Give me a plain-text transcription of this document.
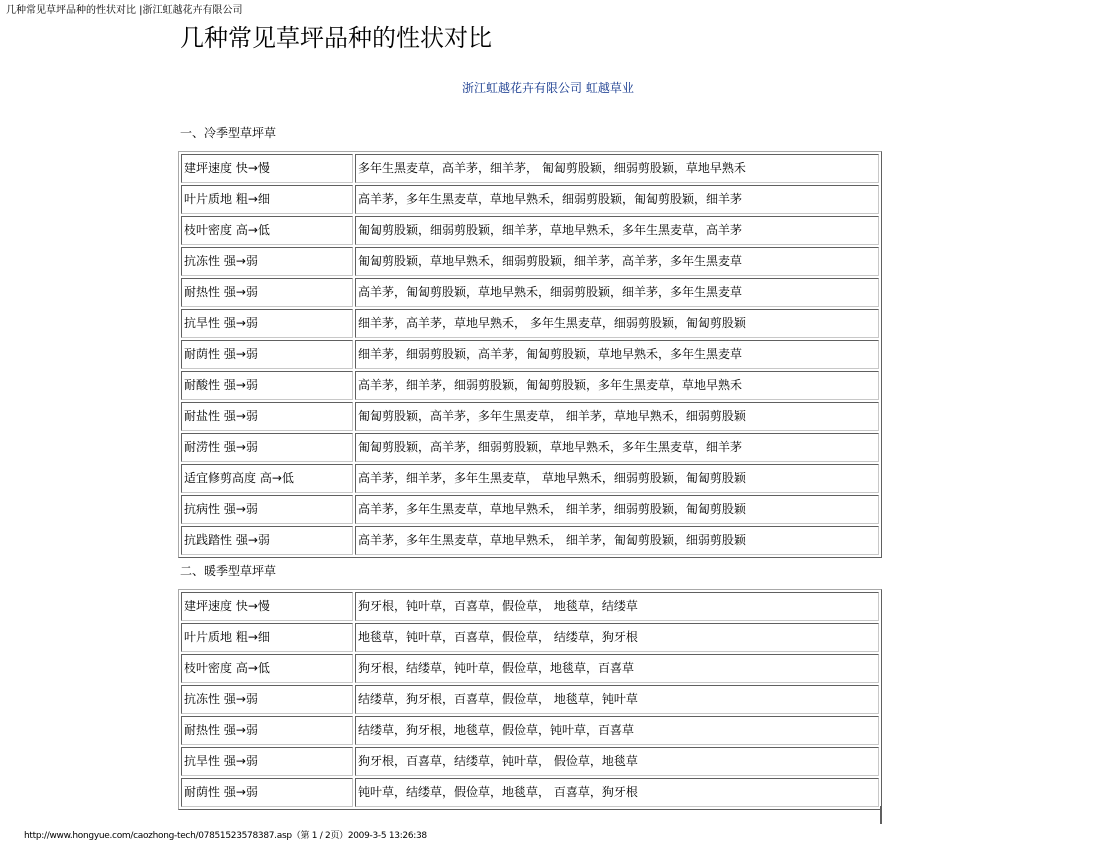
几种常见草坪品种的性状对比 |浙江虹越花卉有限公司
几种常见草坪品种的性状对比
浙江虹越花卉有限公司 虹越草业
一、冷季型草坪草
建坪速度 快→慢	多年生黑麦草，高羊茅，细羊茅， 匍匐剪股颖，细弱剪股颖，草地早熟禾
叶片质地 粗→细	高羊茅，多年生黑麦草，草地早熟禾，细弱剪股颖，匍匐剪股颖，细羊茅
枝叶密度 高→低	匍匐剪股颖，细弱剪股颖，细羊茅，草地早熟禾，多年生黑麦草，高羊茅
抗冻性 强→弱	匍匐剪股颖，草地早熟禾，细弱剪股颖，细羊茅，高羊茅，多年生黑麦草
耐热性 强→弱	高羊茅，匍匐剪股颖，草地早熟禾，细弱剪股颖，细羊茅，多年生黑麦草
抗旱性 强→弱	细羊茅，高羊茅，草地早熟禾， 多年生黑麦草，细弱剪股颖，匍匐剪股颖
耐荫性 强→弱	细羊茅，细弱剪股颖，高羊茅，匍匐剪股颖，草地早熟禾，多年生黑麦草
耐酸性 强→弱	高羊茅，细羊茅，细弱剪股颖，匍匐剪股颖，多年生黑麦草，草地早熟禾
耐盐性 强→弱	匍匐剪股颖，高羊茅，多年生黑麦草， 细羊茅，草地早熟禾，细弱剪股颖
耐涝性 强→弱	匍匐剪股颖，高羊茅，细弱剪股颖，草地早熟禾，多年生黑麦草，细羊茅
适宜修剪高度 高→低	高羊茅，细羊茅，多年生黑麦草， 草地早熟禾，细弱剪股颖，匍匐剪股颖
抗病性 强→弱	高羊茅，多年生黑麦草，草地早熟禾， 细羊茅，细弱剪股颖，匍匐剪股颖
抗践踏性 强→弱	高羊茅，多年生黑麦草，草地早熟禾， 细羊茅，匍匐剪股颖，细弱剪股颖
二、暖季型草坪草
建坪速度 快→慢	狗牙根，钝叶草，百喜草，假俭草， 地毯草，结缕草
叶片质地 粗→细	地毯草，钝叶草，百喜草，假俭草， 结缕草，狗牙根
枝叶密度 高→低	狗牙根，结缕草，钝叶草，假俭草，地毯草，百喜草
抗冻性 强→弱	结缕草，狗牙根，百喜草，假俭草， 地毯草，钝叶草
耐热性 强→弱	结缕草，狗牙根，地毯草，假俭草，钝叶草，百喜草
抗旱性 强→弱	狗牙根，百喜草，结缕草，钝叶草， 假俭草，地毯草
耐荫性 强→弱	钝叶草，结缕草，假俭草，地毯草， 百喜草，狗牙根
http://www.hongyue.com/caozhong-tech/07851523578387.asp（第 1 / 2页）2009-3-5 13:26:38
